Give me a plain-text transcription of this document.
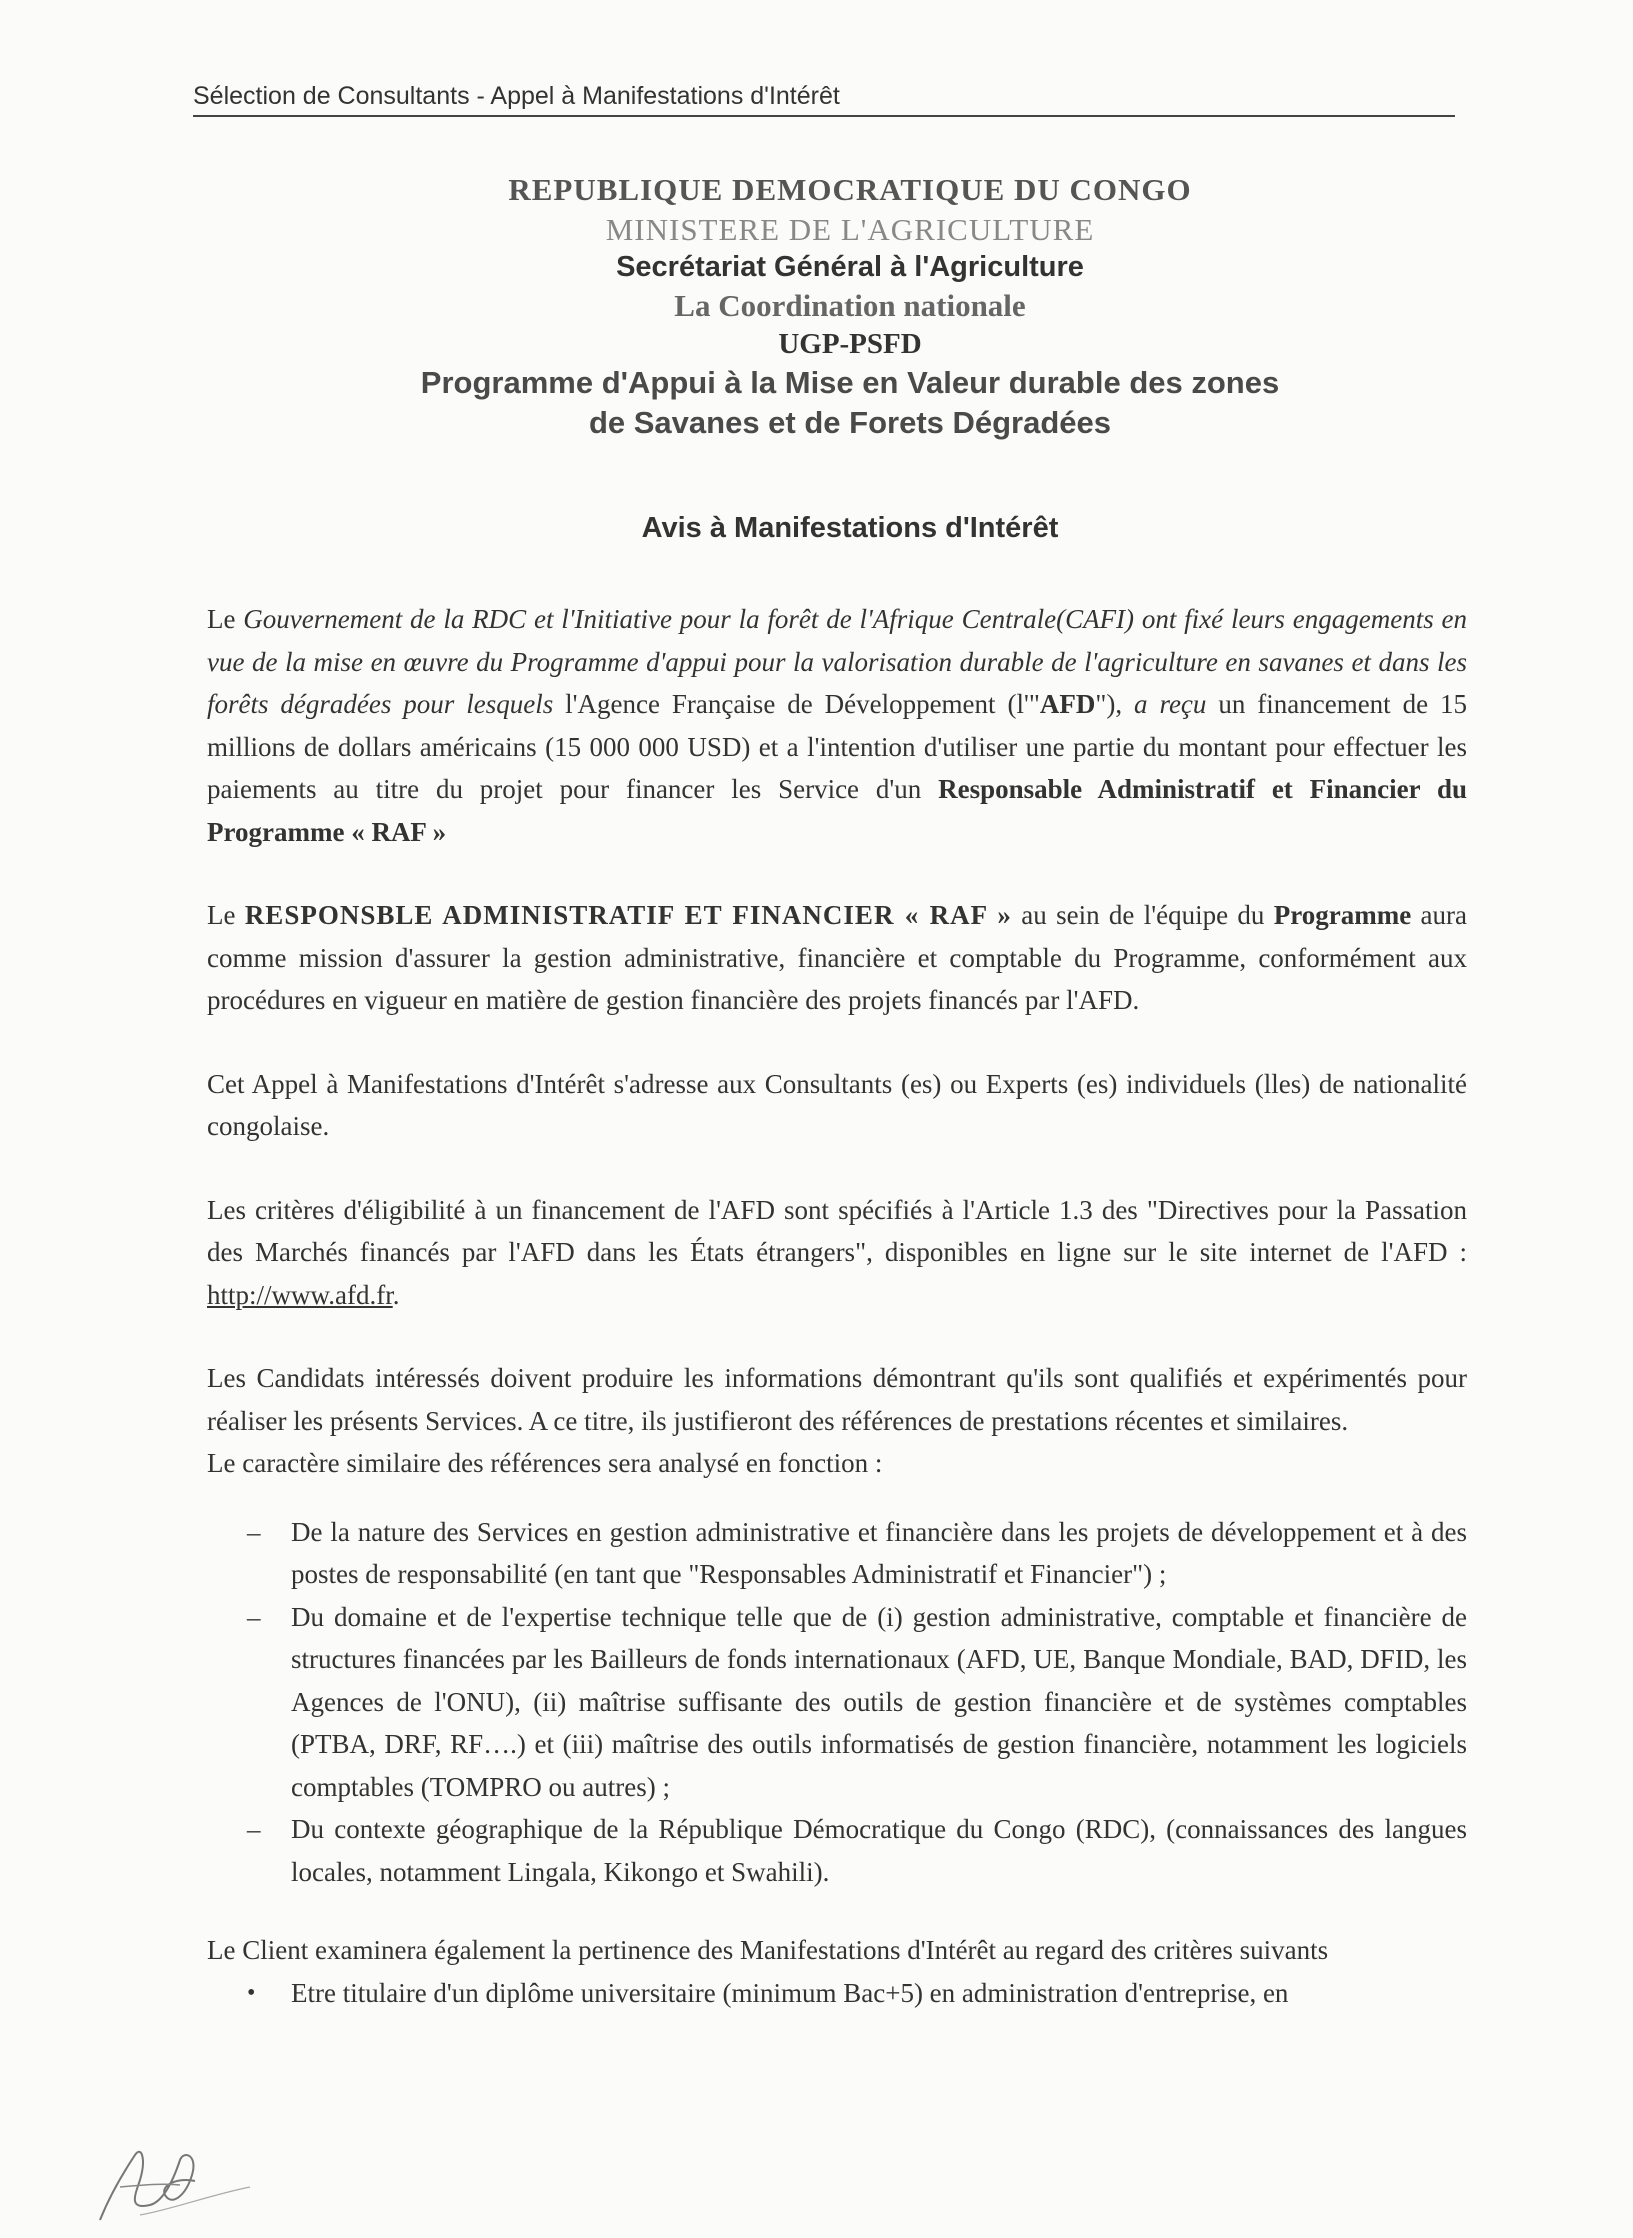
Sélection de Consultants - Appel à Manifestations d'Intérêt
REPUBLIQUE DEMOCRATIQUE DU CONGO
MINISTERE DE L'AGRICULTURE
Secrétariat Général à l'Agriculture
La Coordination nationale
UGP-PSFD
Programme d'Appui à la Mise en Valeur durable des zones
de Savanes et de Forets Dégradées
Avis à Manifestations d'Intérêt

Le Gouvernement de la RDC et l'Initiative pour la forêt de l'Afrique Centrale(CAFI) ont fixé leurs engagements en vue de la mise en œuvre du Programme d'appui pour la valorisation durable de l'agriculture en savanes et dans les forêts dégradées pour lesquels l'Agence Française de Développement (l'"AFD"), a reçu un financement de 15 millions de dollars américains (15 000 000 USD) et a l'intention d'utiliser une partie du montant pour effectuer les paiements au titre du projet pour financer les Service d'un Responsable Administratif et Financier du Programme « RAF »

Le RESPONSBLE ADMINISTRATIF ET FINANCIER « RAF » au sein de l'équipe du Programme aura comme mission d'assurer la gestion administrative, financière et comptable du Programme, conformément aux procédures en vigueur en matière de gestion financière des projets financés par l'AFD.

Cet Appel à Manifestations d'Intérêt s'adresse aux Consultants (es) ou Experts (es) individuels (lles) de nationalité congolaise.

Les critères d'éligibilité à un financement de l'AFD sont spécifiés à l'Article 1.3 des "Directives pour la Passation des Marchés financés par l'AFD dans les États étrangers", disponibles en ligne sur le site internet de l'AFD : http://www.afd.fr.

Les Candidats intéressés doivent produire les informations démontrant qu'ils sont qualifiés et expérimentés pour réaliser les présents Services. A ce titre, ils justifieront des références de prestations récentes et similaires.

Le caractère similaire des références sera analysé en fonction :

– De la nature des Services en gestion administrative et financière dans les projets de développement et à des postes de responsabilité (en tant que "Responsables Administratif et Financier") ;
– Du domaine et de l'expertise technique telle que de (i) gestion administrative, comptable et financière de structures financées par les Bailleurs de fonds internationaux (AFD, UE, Banque Mondiale, BAD, DFID, les Agences de l'ONU), (ii) maîtrise suffisante des outils de gestion financière et de systèmes comptables (PTBA, DRF, RF….) et (iii) maîtrise des outils informatisés de gestion financière, notamment les logiciels comptables (TOMPRO ou autres) ;
– Du contexte géographique de la République Démocratique du Congo (RDC), (connaissances des langues locales, notamment Lingala, Kikongo et Swahili).

Le Client examinera également la pertinence des Manifestations d'Intérêt au regard des critères suivants

• Etre titulaire d'un diplôme universitaire (minimum Bac+5) en administration d'entreprise, en
